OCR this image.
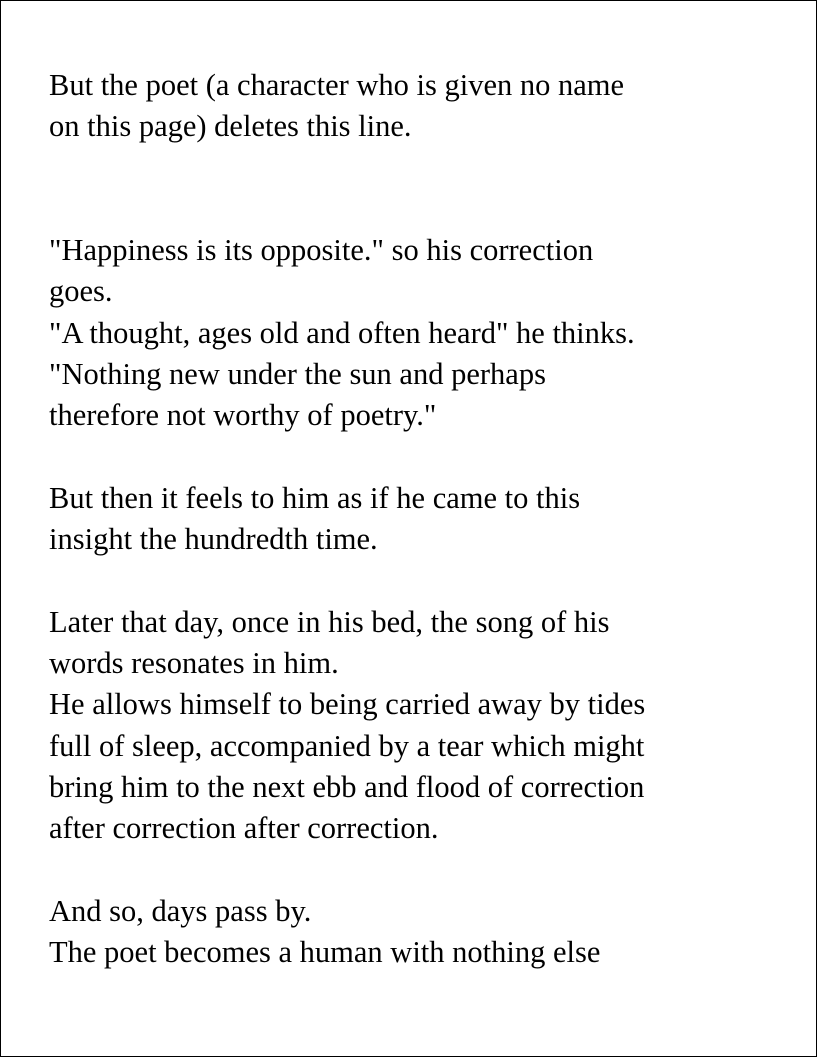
But the poet (a character who is given no name
on this page) deletes this line.
"Happiness is its opposite." so his correction
goes.
"A thought, ages old and often heard" he thinks.
"Nothing new under the sun and perhaps
therefore not worthy of poetry."
But then it feels to him as if he came to this
insight the hundredth time.
Later that day, once in his bed, the song of his
words resonates in him.
He allows himself to being carried away by tides
full of sleep, accompanied by a tear which might
bring him to the next ebb and flood of correction
after correction after correction.
And so, days pass by.
The poet becomes a human with nothing else
